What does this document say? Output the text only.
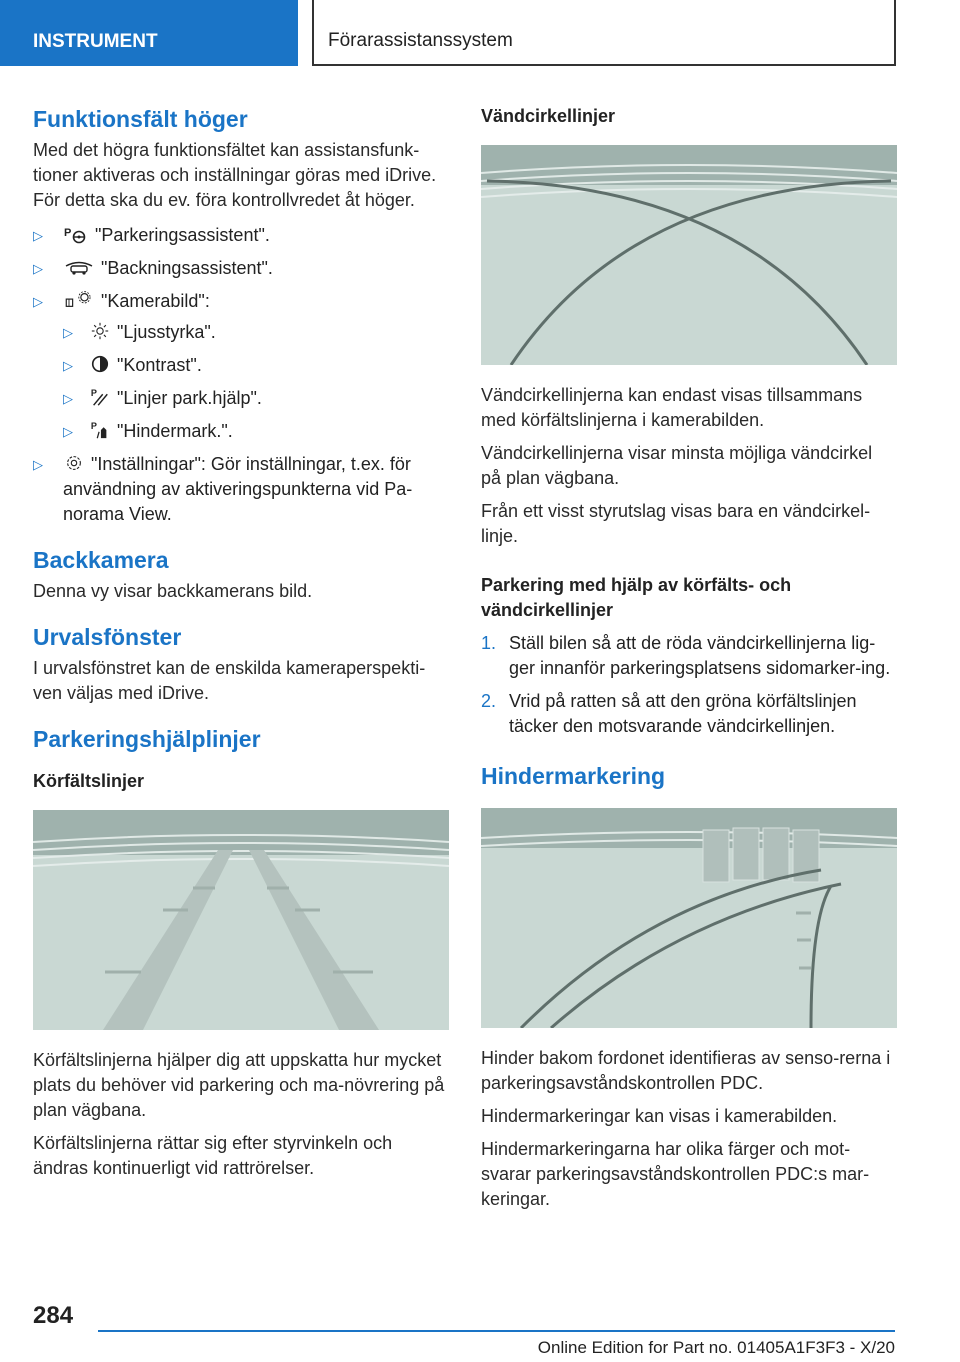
INSTRUMENT	Förarassistanssystem
Funktionsfält höger

Med det högra funktionsfältet kan assistansfunk-tioner aktiveras och inställningar göras med iDrive. För detta ska du ev. föra kontrollvredet åt höger.

▷ P "Parkeringsassistent".
▷	"Backningsassistent".
▷	"Kamerabild":
▷ "Ljusstyrka".
▷ "Kontrast".
▷ P "Linjer park.hjälp".
▷ P "Hindermark.".
▷	"Inställningar": Gör inställningar, t.ex. för användning av aktiveringspunkterna vid Pa-norama View.
Backkamera

Denna vy visar backkamerans bild.

Urvalsfönster

I urvalsfönstret kan de enskilda kameraperspekti-ven väljas med iDrive.

Parkeringshjälplinjer
Körfältslinjer

Körfältslinjerna hjälper dig att uppskatta hur mycket plats du behöver vid parkering och ma-növrering på plan vägbana.

Körfältslinjerna rättar sig efter styrvinkeln och ändras kontinuerligt vid rattrörelser.

Vändcirkellinjer

Vändcirkellinjerna kan endast visas tillsammans med körfältslinjerna i kamerabilden.

Vändcirkellinjerna visar minsta möjliga vändcirkel på plan vägbana.

Från ett visst styrutslag visas bara en vändcirkel-linje.

Parkering med hjälp av körfälts- och vändcirkellinjer
1. Ställ bilen så att de röda vändcirkellinjerna lig-ger innanför parkeringsplatsens sidomarker-ing.
2. Vrid på ratten så att den gröna körfältslinjen täcker den motsvarande vändcirkellinjen.
Hindermarkering

Hinder bakom fordonet identifieras av senso-rerna i parkeringsavståndskontrollen PDC.

Hindermarkeringar kan visas i kamerabilden.

Hindermarkeringarna har olika färger och mot-svarar parkeringsavståndskontrollen PDC:s mar-keringar.

284
Online Edition for Part no. 01405A1F3F3 - X/20
